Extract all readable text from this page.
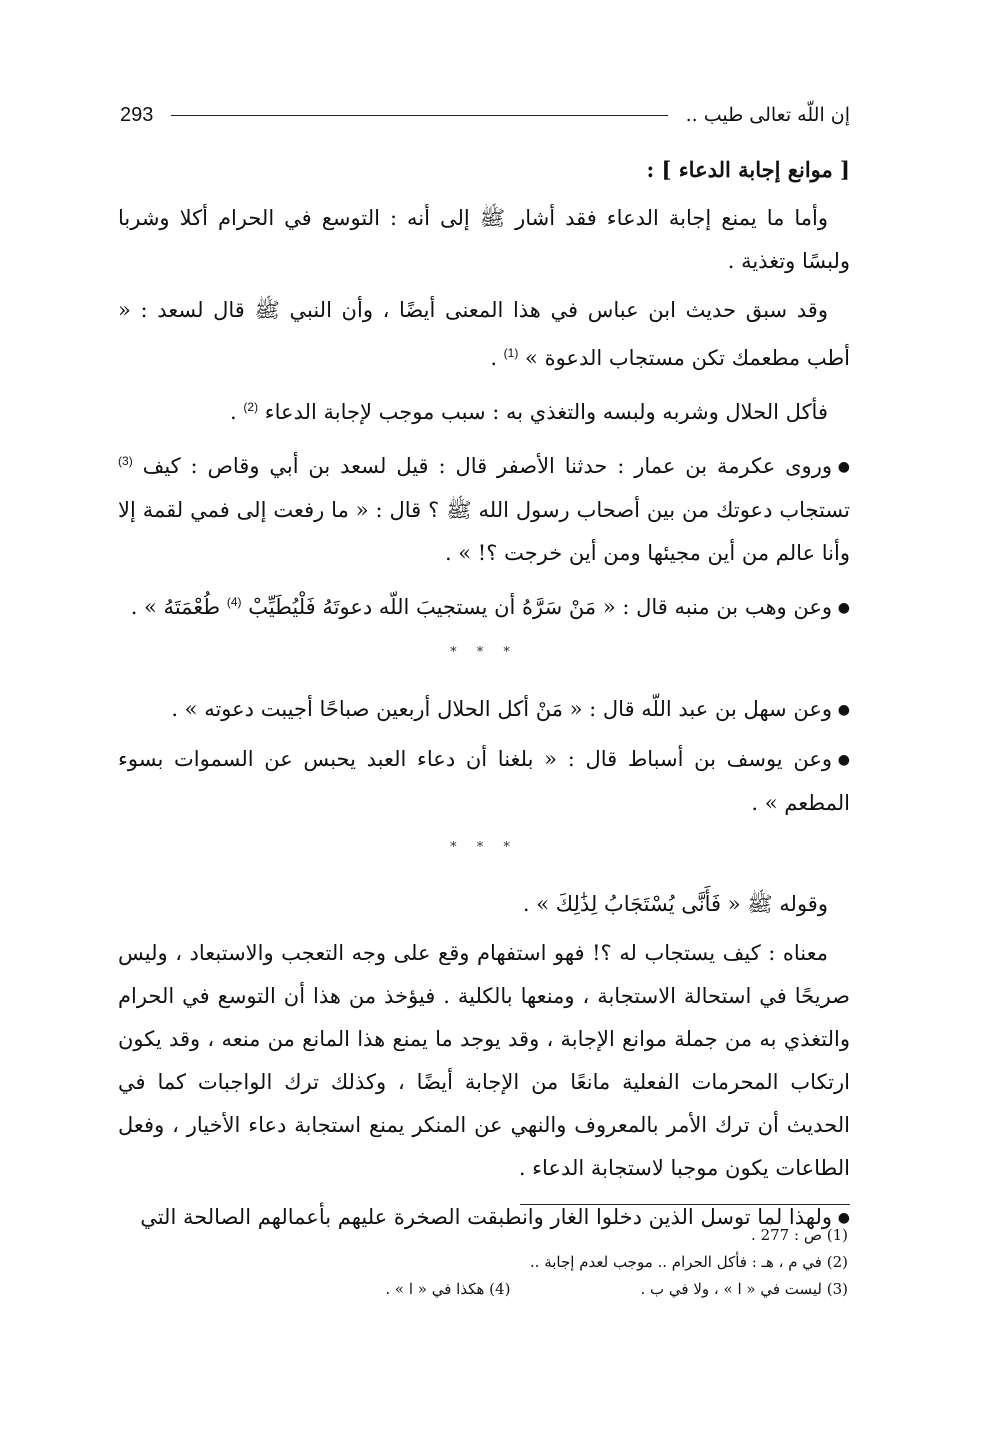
إن اللّه تعالى طيب ..
293
[ موانع إجابة الدعاء ] :

وأما ما يمنع إجابة الدعاء فقد أشار ﷺ إلى أنه : التوسع في الحرام أكلا وشربا ولبسًا وتغذية .

وقد سبق حديث ابن عباس في هذا المعنى أيضًا ، وأن النبي ﷺ قال لسعد : « أطب مطعمك تكن مستجاب الدعوة » $^{(1)}$ .

فأكل الحلال وشربه ولبسه والتغذي به : سبب موجب لإجابة الدعاء $^{(2)}$ .

●وروى عكرمة بن عمار : حدثنا الأصفر قال : قيل لسعد بن أبي وقاص : كيف $^{(3)}$ تستجاب دعوتك من بين أصحاب رسول الله ﷺ ؟ قال : « ما رفعت إلى فمي لقمة إلا وأنا عالم من أين مجيئها ومن أين خرجت ؟! » .

●وعن وهب بن منبه قال : « مَنْ سَرَّهُ أن يستجيبَ اللّه دعوتَهُ فَلْيُطَيِّبْ $^{(4)}$ طُعْمَتَهُ » .

* * *

●وعن سهل بن عبد اللّه قال : « مَنْ أكل الحلال أربعين صباحًا أجيبت دعوته » .

●وعن يوسف بن أسباط قال : « بلغنا أن دعاء العبد يحبس عن السموات بسوء المطعم » .

* * *

وقوله ﷺ « فَأَنَّى يُسْتَجَابُ لِذَٰلِكَ » .

معناه : كيف يستجاب له ؟! فهو استفهام وقع على وجه التعجب والاستبعاد ، وليس صريحًا في استحالة الاستجابة ، ومنعها بالكلية . فيؤخذ من هذا أن التوسع في الحرام والتغذي به من جملة موانع الإجابة ، وقد يوجد ما يمنع هذا المانع من منعه ، وقد يكون ارتكاب المحرمات الفعلية مانعًا من الإجابة أيضًا ، وكذلك ترك الواجبات كما في الحديث أن ترك الأمر بالمعروف والنهي عن المنكر يمنع استجابة دعاء الأخيار ، وفعل الطاعات يكون موجبا لاستجابة الدعاء .

●ولهذا لما توسل الذين دخلوا الغار وانطبقت الصخرة عليهم بأعمالهم الصالحة التي

(1) ص : 277 .
(2) في م ، هـ : فأكل الحرام .. موجب لعدم إجابة ..
(3) ليست في « ا » ، ولا في ب .
(4) هكذا في « ا » .
